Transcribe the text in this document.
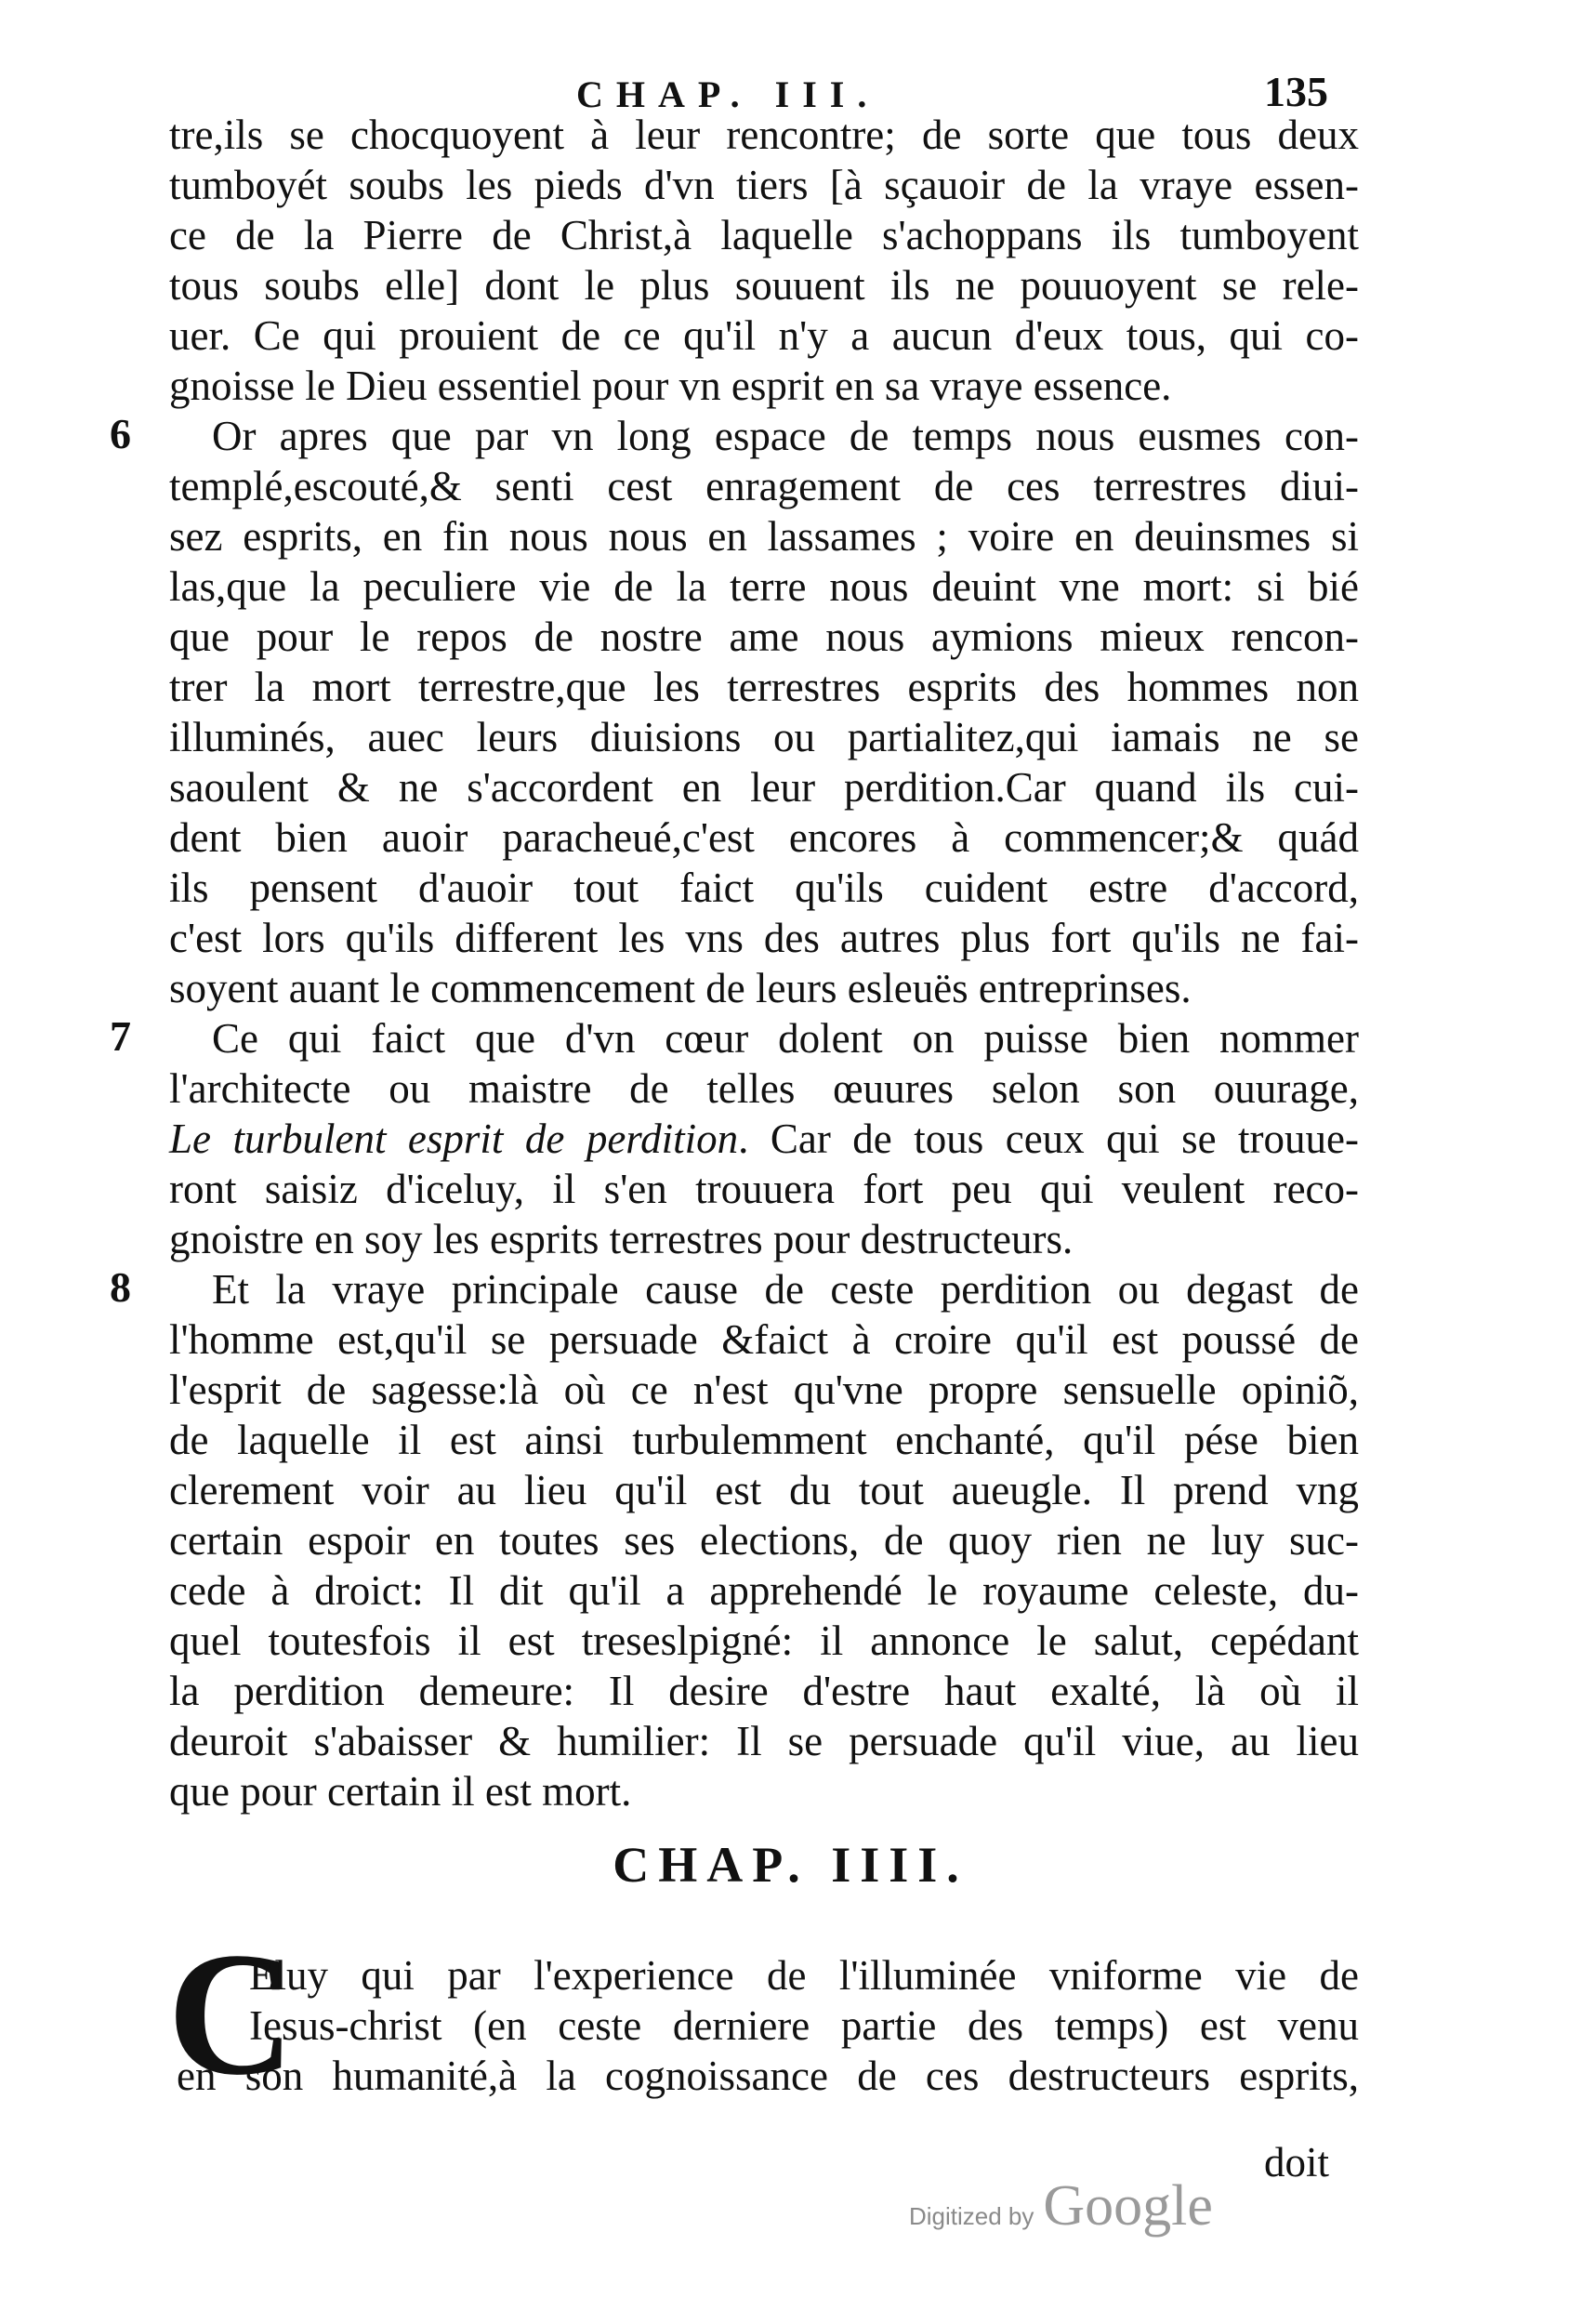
CHAP. III.	135
tre,ils se chocquoyent à leur rencontre; de sorte que tous deux
tumboyét soubs les pieds d'vn tiers [à sçauoir de la vraye essen-
ce de la Pierre de Christ,à laquelle s'achoppans ils tumboyent
tous soubs elle] dont le plus souuent ils ne pouuoyent se rele-
uer. Ce qui prouient de ce qu'il n'y a aucun d'eux tous, qui co-
gnoisse le Dieu essentiel pour vn esprit en sa vraye essence.
6 Or apres que par vn long espace de temps nous eusmes con-
templé,escouté,& senti cest enragement de ces terrestres diui-
sez esprits, en fin nous nous en lassames ; voire en deuinsmes si
las,que la peculiere vie de la terre nous deuint vne mort: si bié
que pour le repos de nostre ame nous aymions mieux rencon-
trer la mort terrestre,que les terrestres esprits des hommes non
illuminés, auec leurs diuisions ou partialitez,qui iamais ne se
saoulent & ne s'accordent en leur perdition.Car quand ils cui-
dent bien auoir paracheué,c'est encores à commencer;& quád
ils pensent d'auoir tout faict qu'ils cuident estre d'accord,
c'est lors qu'ils different les vns des autres plus fort qu'ils ne fai-
soyent auant le commencement de leurs esleuës entreprinses.
7 Ce qui faict que d'vn cœur dolent on puisse bien nommer
l'architecte ou maistre de telles œuures selon son ouurage,
Le turbulent esprit de perdition. Car de tous ceux qui se trouue-
ront saisiz d'iceluy, il s'en trouuera fort peu qui veulent reco-
gnoistre en soy les esprits terrestres pour destructeurs.
8 Et la vraye principale cause de ceste perdition ou degast de
l'homme est,qu'il se persuade &faict à croire qu'il est poussé de
l'esprit de sagesse:là où ce n'est qu'vne propre sensuelle opiniõ,
de laquelle il est ainsi turbulemment enchanté, qu'il pése bien
clerement voir au lieu qu'il est du tout aueugle. Il prend vng
certain espoir en toutes ses elections, de quoy rien ne luy suc-
cede à droict: Il dit qu'il a apprehendé le royaume celeste, du-
quel toutesfois il est treseslpigné: il annonce le salut, cepédant
la perdition demeure: Il desire d'estre haut exalté, là où il
deuroit s'abaisser & humilier: Il se persuade qu'il viue, au lieu
que pour certain il est mort.
CHAP. IIII.
C
Eluy qui par l'experience de l'illuminée vniforme vie de
Iesus-christ (en ceste derniere partie des temps) est venu
en son humanité,à la cognoissance de ces destructeurs esprits,
doit
Digitized by Google
